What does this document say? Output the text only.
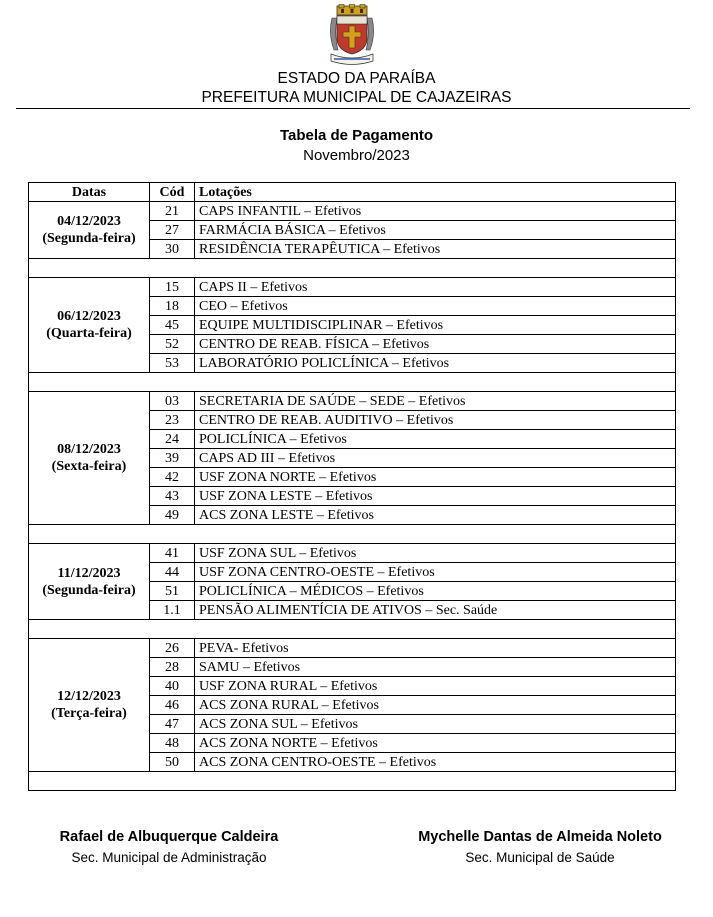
ESTADO DA PARAÍBA
PREFEITURA MUNICIPAL DE CAJAZEIRAS
Tabela de Pagamento
Novembro/2023
Datas	Cód	Lotações

04/12/2023
(Segunda-feira)	21	CAPS INFANTIL – Efetivos
	27	FARMÁCIA BÁSICA – Efetivos
	30	RESIDÊNCIA TERAPÊUTICA – Efetivos

06/12/2023
(Quarta-feira)	15	CAPS II – Efetivos
	18	CEO – Efetivos
	45	EQUIPE MULTIDISCIPLINAR – Efetivos
	52	CENTRO DE REAB. FÍSICA – Efetivos
	53	LABORATÓRIO POLICLÍNICA – Efetivos

08/12/2023
(Sexta-feira)	03	SECRETARIA DE SAÚDE – SEDE – Efetivos
	23	CENTRO DE REAB. AUDITIVO – Efetivos
	24	POLICLÍNICA – Efetivos
	39	CAPS AD III – Efetivos
	42	USF ZONA NORTE – Efetivos
	43	USF ZONA LESTE – Efetivos
	49	ACS ZONA LESTE – Efetivos

11/12/2023
(Segunda-feira)	41	USF ZONA SUL – Efetivos
	44	USF ZONA CENTRO-OESTE – Efetivos
	51	POLICLÍNICA – MÉDICOS – Efetivos
	1.1	PENSÃO ALIMENTÍCIA DE ATIVOS – Sec. Saúde

12/12/2023
(Terça-feira)	26	PEVA- Efetivos
	28	SAMU – Efetivos
	40	USF ZONA RURAL – Efetivos
	46	ACS ZONA RURAL – Efetivos
	47	ACS ZONA SUL – Efetivos
	48	ACS ZONA NORTE – Efetivos
	50	ACS ZONA CENTRO-OESTE – Efetivos

Rafael de Albuquerque Caldeira
Sec. Municipal de Administração
Mychelle Dantas de Almeida Noleto
Sec. Municipal de Saúde
